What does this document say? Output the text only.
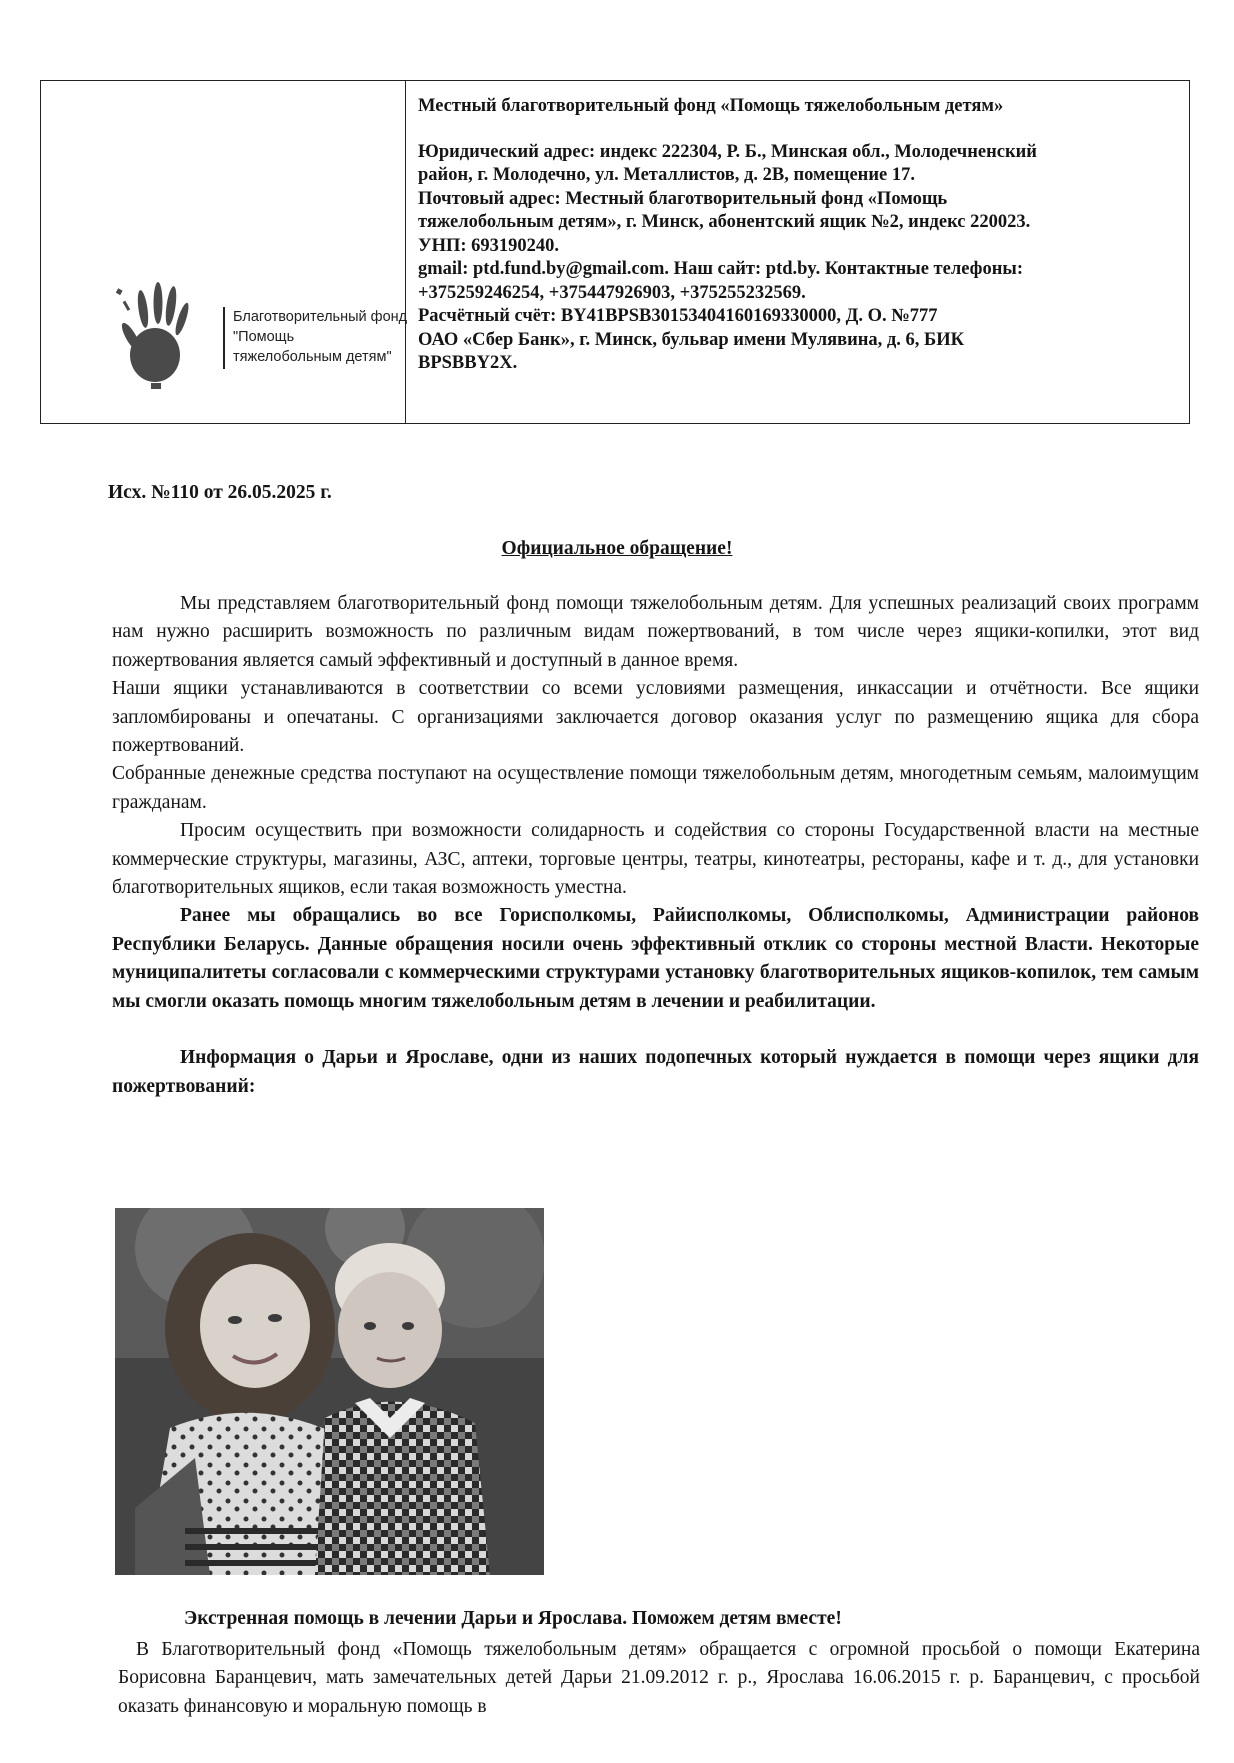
Благотворительный фонд
"Помощь
тяжелобольным детям"
Местный благотворительный фонд «Помощь тяжелобольным детям»
Юридический адрес: индекс 222304, Р. Б., Минская обл., Молодечненский
район, г. Молодечно, ул. Металлистов, д. 2В, помещение 17.
Почтовый адрес: Местный благотворительный фонд «Помощь
тяжелобольным детям», г. Минск, абонентский ящик №2, индекс 220023.
УНП: 693190240.
gmail: ptd.fund.by@gmail.com. Наш сайт: ptd.by. Контактные телефоны:
+375259246254, +375447926903, +375255232569.
Расчётный счёт: BY41BPSB30153404160169330000, Д. О. №777
ОАО «Сбер Банк», г. Минск, бульвар имени Мулявина, д. 6, БИК
BPSBBY2X.
Исх. №110 от 26.05.2025 г.
Официальное обращение!

Мы представляем благотворительный фонд помощи тяжелобольным детям. Для успешных реализаций своих программ нам нужно расширить возможность по различным видам пожертвований, в том числе через ящики-копилки, этот вид пожертвования является самый эффективный и доступный в данное время.

Наши ящики устанавливаются в соответствии со всеми условиями размещения, инкассации и отчётности. Все ящики запломбированы и опечатаны. С организациями заключается договор оказания услуг по размещению ящика для сбора пожертвований.

Собранные денежные средства поступают на осуществление помощи тяжелобольным детям, многодетным семьям, малоимущим гражданам.

Просим осуществить при возможности солидарность и содействия со стороны Государственной власти на местные коммерческие структуры, магазины, АЗС, аптеки, торговые центры, театры, кинотеатры, рестораны, кафе и т. д., для установки благотворительных ящиков, если такая возможность уместна.

Ранее мы обращались во все Горисполкомы, Райисполкомы, Облисполкомы, Администрации районов Республики Беларусь. Данные обращения носили очень эффективный отклик со стороны местной Власти. Некоторые муниципалитеты согласовали с коммерческими структурами установку благотворительных ящиков-копилок, тем самым мы смогли оказать помощь многим тяжелобольным детям в лечении и реабилитации.

Информация о Дарьи и Ярославе, одни из наших подопечных который нуждается в помощи через ящики для пожертвований:

Экстренная помощь в лечении Дарьи и Ярослава. Поможем детям вместе!

В Благотворительный фонд «Помощь тяжелобольным детям» обращается с огромной просьбой о помощи Екатерина Борисовна Баранцевич, мать замечательных детей Дарьи 21.09.2012 г. р., Ярослава 16.06.2015 г. р. Баранцевич, с просьбой оказать финансовую и моральную помощь в
